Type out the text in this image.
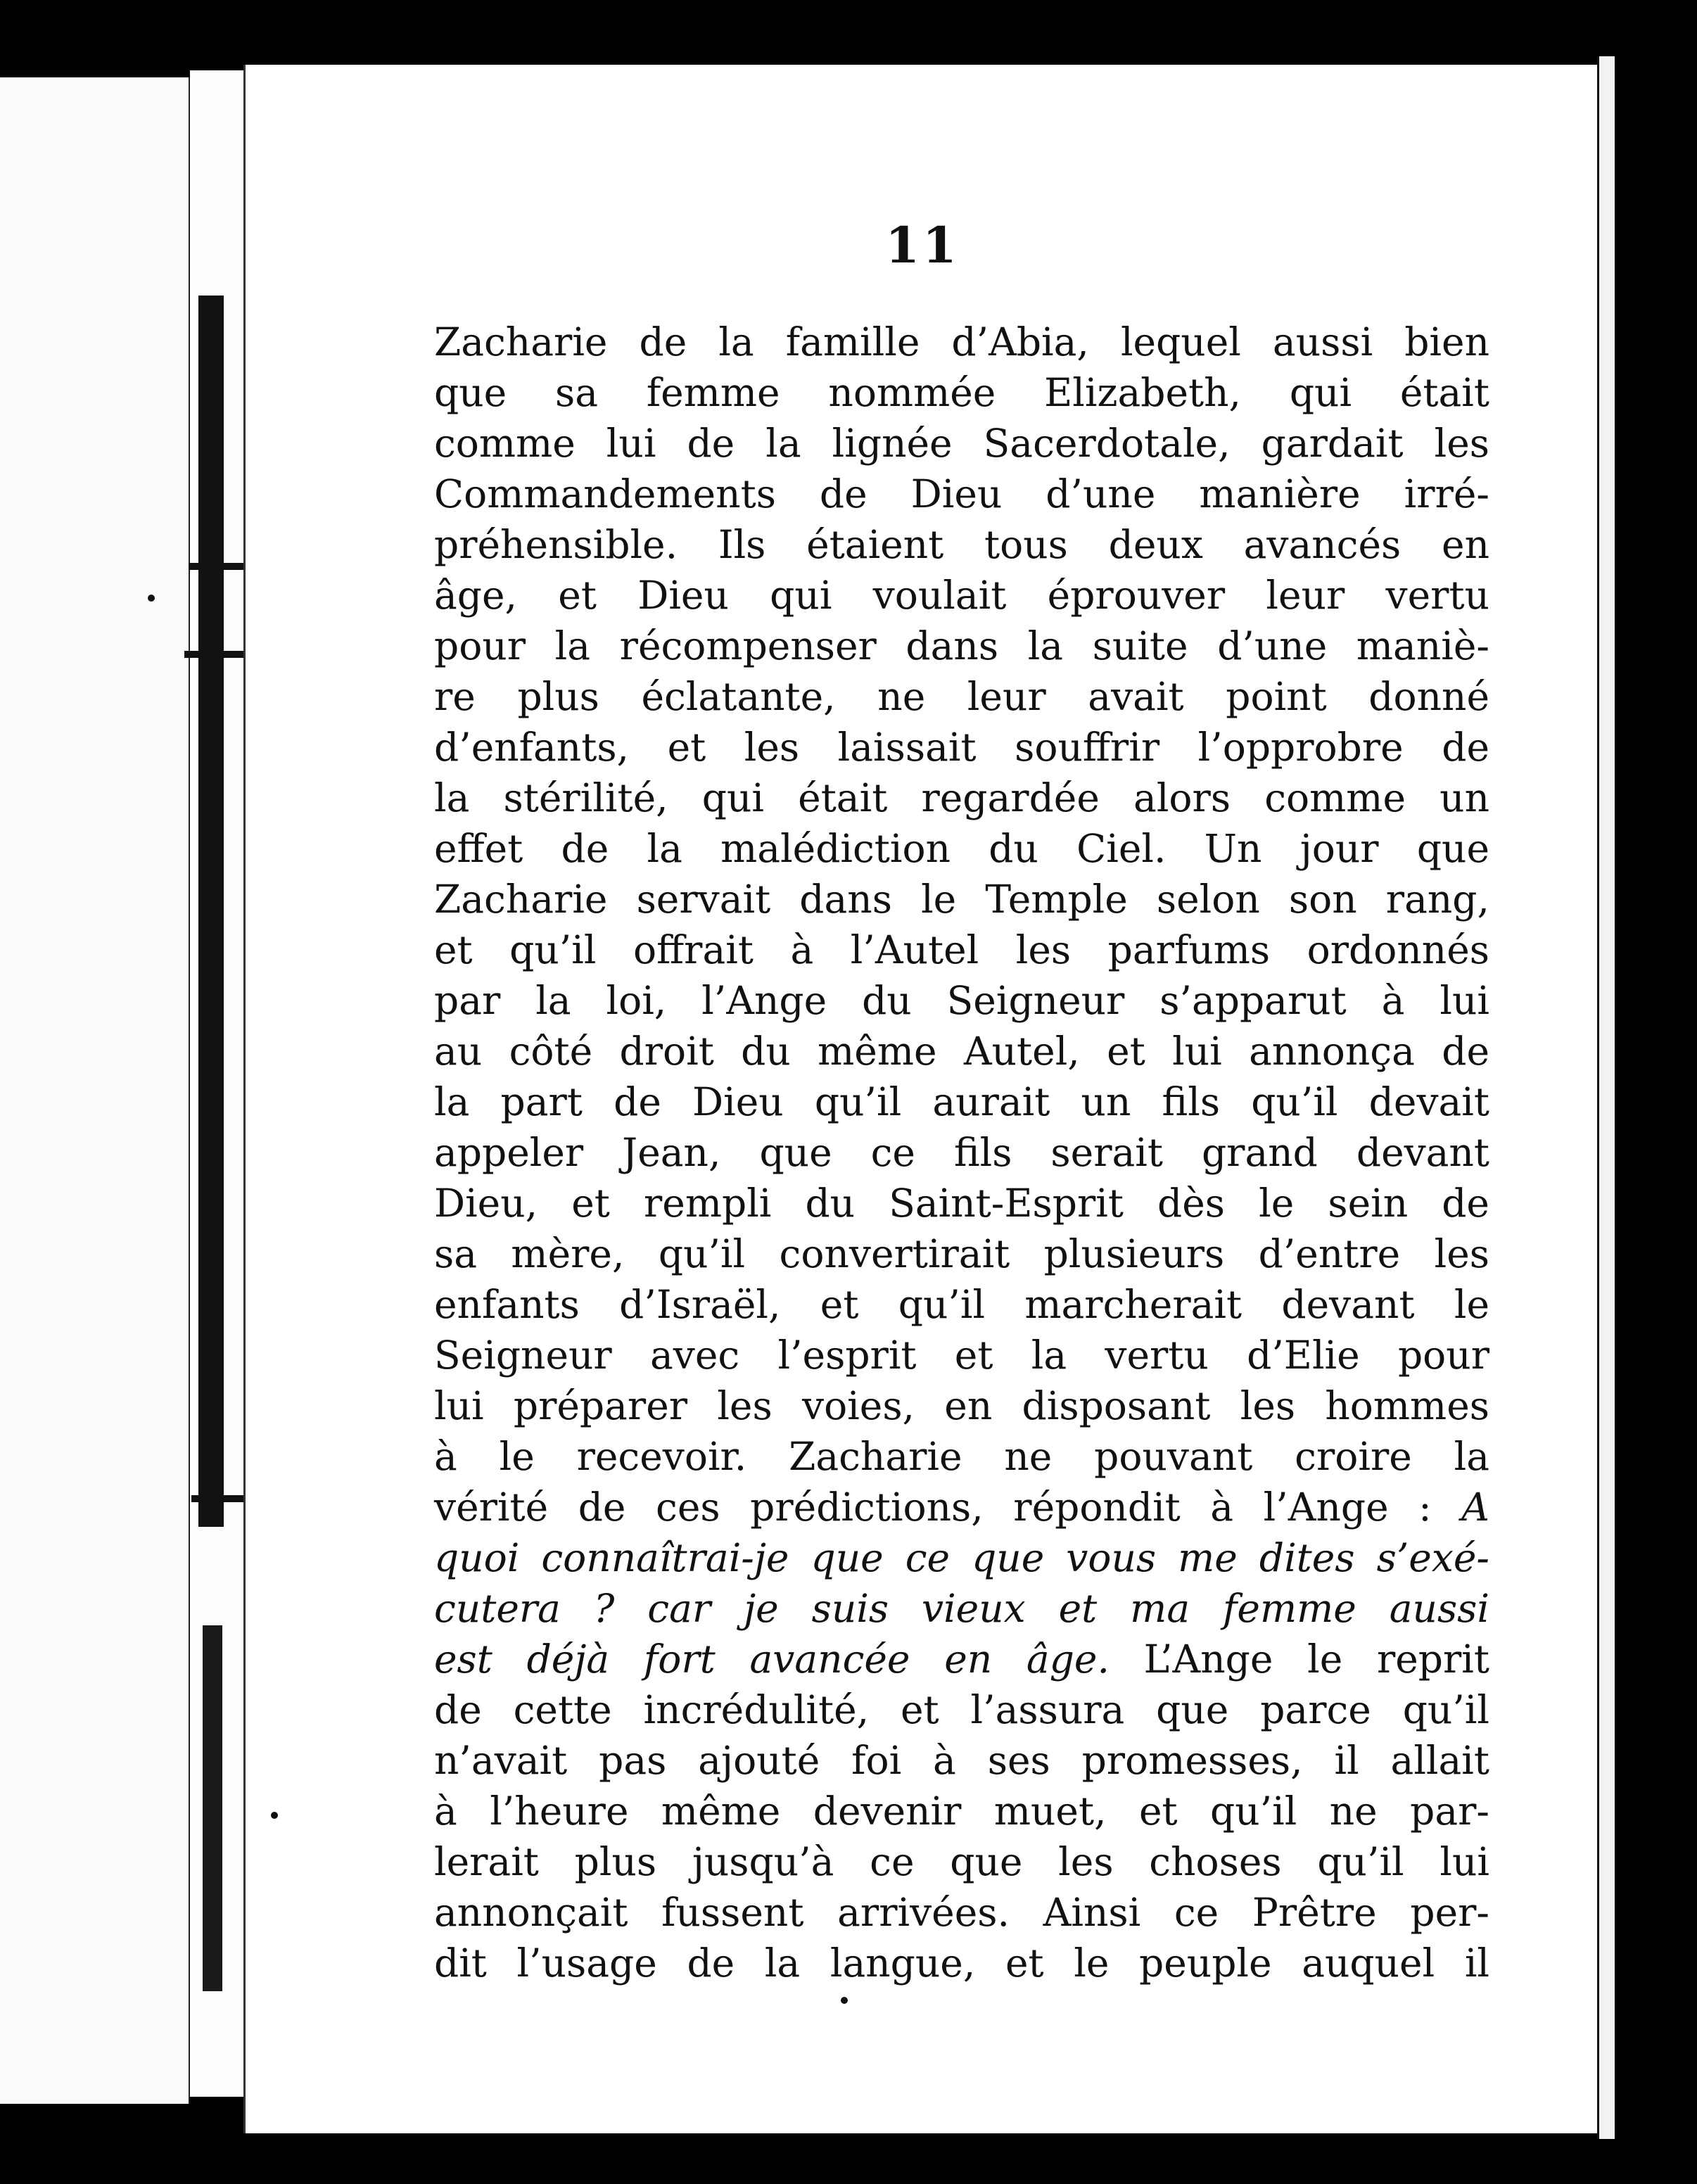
11
Zacharie de la famille d’Abia, lequel aussi bien
que sa femme nommée Elizabeth, qui était
comme lui de la lignée Sacerdotale, gardait les
Commandements de Dieu d’une manière irré-
préhensible. Ils étaient tous deux avancés en
âge, et Dieu qui voulait éprouver leur vertu
pour la récompenser dans la suite d’une maniè-
re plus éclatante, ne leur avait point donné
d’enfants, et les laissait souffrir l’opprobre de
la stérilité, qui était regardée alors comme un
effet de la malédiction du Ciel. Un jour que
Zacharie servait dans le Temple selon son rang,
et qu’il offrait à l’Autel les parfums ordonnés
par la loi, l’Ange du Seigneur s’apparut à lui
au côté droit du même Autel, et lui annonça de
la part de Dieu qu’il aurait un fils qu’il devait
appeler Jean, que ce fils serait grand devant
Dieu, et rempli du Saint-Esprit dès le sein de
sa mère, qu’il convertirait plusieurs d’entre les
enfants d’Israël, et qu’il marcherait devant le
Seigneur avec l’esprit et la vertu d’Elie pour
lui préparer les voies, en disposant les hommes
à le recevoir. Zacharie ne pouvant croire la
vérité de ces prédictions, répondit à l’Ange : A
quoi connaîtrai-je que ce que vous me dites s’exé-
cutera ? car je suis vieux et ma femme aussi
est déjà fort avancée en âge. L’Ange le reprit
de cette incrédulité, et l’assura que parce qu’il
n’avait pas ajouté foi à ses promesses, il allait
à l’heure même devenir muet, et qu’il ne par-
lerait plus jusqu’à ce que les choses qu’il lui
annonçait fussent arrivées. Ainsi ce Prêtre per-
dit l’usage de la langue, et le peuple auquel il
